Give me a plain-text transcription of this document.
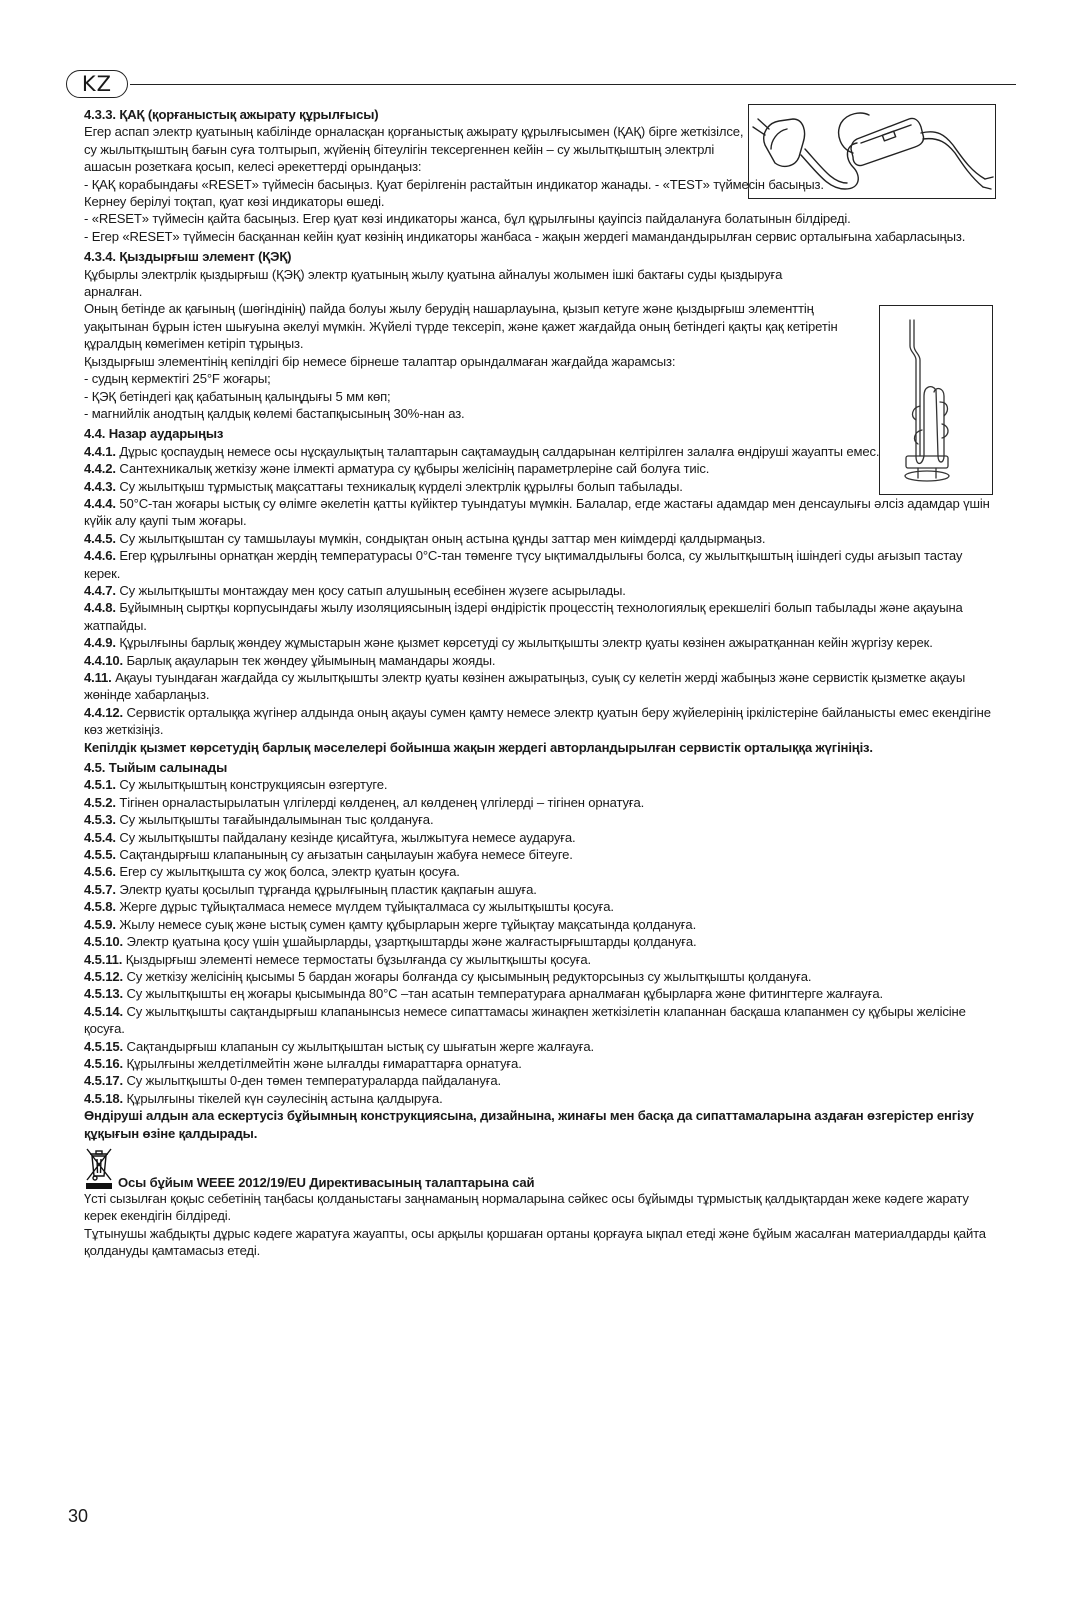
KZ
4.3.3. ҚАҚ (қорғаныстық ажырату құрылғысы)

Егер аспап электр қуатының кабілінде орналасқан қорғаныстық ажырату құрылғысымен (ҚАҚ) бірге жеткізілсе, су жылытқыштың бағын суға толтырып, жүйенің бітеулігін тексергеннен кейін – су жылытқыштың электрлі ашасын розеткаға қосып, келесі әрекеттерді орындаңыз:

- ҚАҚ корабындағы «RESET» түймесін басыңыз. Қуат берілгенін растайтын индикатор жанады. - «TEST» түймесін басыңыз. Кернеу берілуі тоқтап, қуат көзі индикаторы өшеді.

- «RESET» түймесін қайта басыңыз. Егер қуат көзі индикаторы жанса, бұл құрылғыны қауіпсіз пайдалануға болатынын білдіреді.

- Егер «RESET» түймесін басқаннан кейін қуат көзінің индикаторы жанбаса - жақын жердегі мамандандырылған сервис орталығына хабарласыңыз.

4.3.4. Қыздырғыш элемент (ҚЭҚ)

Құбырлы электрлік қыздырғыш (ҚЭҚ) электр қуатының жылу қуатына айналуы жолымен ішкі бактағы суды қыздыруға арналған.

Оның бетінде ак қағының (шөгіндінің) пайда болуы жылу берудің нашарлауына, қызып кетуге және қыздырғыш элементтің уақытынан бұрын істен шығуына әкелуі мүмкін. Жүйелі түрде тексеріп, және қажет жағдайда оның бетіндегі қақты қақ кетіретін құралдың көмегімен кетіріп тұрыңыз.

Қыздырғыш элементінің кепілдігі бір немесе бірнеше талаптар орындалмаған жағдайда жарамсыз:

- судың кермектігі 25°F жоғары;

- ҚЭҚ бетіндегі қақ қабатының қалыңдығы 5 мм көп;

- магнийлік анодтың қалдық көлемі бастапқысының 30%-нан аз.

4.4. Назар аударыңыз

4.4.1. Дұрыс қоспаудың немесе осы нұсқаулықтың талаптарын сақтамаудың салдарынан келтірілген залалға өндіруші жауапты емес.

4.4.2. Сантехникалық жеткізу және ілмекті арматура су құбыры желісінің параметрлеріне сай болуға тиіс.

4.4.3. Су жылытқыш тұрмыстық мақсаттағы техникалық күрделі электрлік құрылғы болып табылады.

4.4.4. 50°С-тан жоғары ыстық су өлімге әкелетін қатты күйіктер туындатуы мүмкін. Балалар, егде жастағы адамдар мен денсаулығы әлсіз адамдар үшін күйік алу қаупі тым жоғары.

4.4.5. Су жылытқыштан су тамшылауы мүмкін, сондықтан оның астына құнды заттар мен киімдерді қалдырмаңыз.

4.4.6. Егер құрылғыны орнатқан жердің температурасы 0°С-тан төменге түсу ықтималдылығы болса, су жылытқыштың ішіндегі суды ағызып тастау керек.

4.4.7. Су жылытқышты монтаждау мен қосу сатып алушының есебінен жүзеге асырылады.

4.4.8. Бұйымның сыртқы корпусындағы жылу изоляциясының іздері өндірістік процесстің технологиялық ерекшелігі болып табылады және ақауына жатпайды.

4.4.9. Құрылғыны барлық жөндеу жұмыстарын және қызмет көрсетуді су жылытқышты электр қуаты көзінен ажыратқаннан кейін жүргізу керек.

4.4.10. Барлық ақауларын тек жөндеу ұйымының мамандары жояды.

4.11. Ақауы туындаған жағдайда су жылытқышты электр қуаты көзінен ажыратыңыз, суық су келетін жерді жабыңыз және сервистік қызметке ақауы жөнінде хабарлаңыз.

4.4.12. Сервистік орталыққа жүгінер алдында оның ақауы сумен қамту немесе электр қуатын беру жүйелерінің іркілістеріне байланысты емес екендігіне көз жеткізіңіз.

Кепілдік қызмет көрсетудің барлық мәселелері бойынша жақын жердегі авторландырылған сервистік орталыққа жүгініңіз.

4.5. Тыйым салынады

4.5.1. Су жылытқыштың конструкциясын өзгертуге.

4.5.2. Тігінен орналастырылатын үлгілерді көлденең, ал көлденең үлгілерді – тігінен орнатуға.

4.5.3. Су жылытқышты тағайындалымынан тыс қолдануға.

4.5.4. Су жылытқышты пайдалану кезінде қисайтуға, жылжытуға немесе аударуға.

4.5.5. Сақтандырғыш клапанының су ағызатын саңылауын жабуға немесе бітеуге.

4.5.6. Егер су жылытқышта су жоқ болса, электр қуатын қосуға.

4.5.7. Электр қуаты қосылып тұрғанда құрылғының пластик қақпағын ашуға.

4.5.8. Жерге дұрыс тұйықталмаса немесе мүлдем тұйықталмаса су жылытқышты қосуға.

4.5.9. Жылу немесе суық және ыстық сумен қамту құбырларын жерге тұйықтау мақсатында қолдануға.

4.5.10. Электр қуатына қосу үшін ұшайырларды, ұзартқыштарды және жалғастырғыштарды қолдануға.

4.5.11. Қыздырғыш элементі немесе термостаты бұзылғанда су жылытқышты қосуға.

4.5.12. Су жеткізу желісінің қысымы 5 бардан жоғары болғанда су қысымының редукторсыныз су жылытқышты қолдануға.

4.5.13. Су жылытқышты ең жоғары қысымында 80°С –тан асатын температураға арналмаған құбырларға және фитингтерге жалғауға.

4.5.14. Су жылытқышты сақтандырғыш клапанынсыз немесе сипаттамасы жинақпен жеткізілетін клапаннан басқаша клапанмен су құбыры желісіне қосуға.

4.5.15. Сақтандырғыш клапанын су жылытқыштан ыстық су шығатын жерге жалғауға.

4.5.16. Құрылғыны желдетілмейтін және ылғалды ғимараттарға орнатуға.

4.5.17. Су жылытқышты 0-ден төмен температураларда пайдалануға.

4.5.18. Құрылғыны тікелей күн сәулесінің астына қалдыруға.

Өндіруші алдын ала ескертусіз бұйымның конструкциясына, дизайнына, жинағы мен басқа да сипаттамаларына аздаған өзгерістер енгізу құқығын өзіне қалдырады.

Осы бұйым WEEE 2012/19/EU Директивасының талаптарына сай

Үсті сызылған қоқыс себетінің таңбасы қолданыстағы заңнаманың нормаларына сәйкес осы бұйымды тұрмыстық қалдықтардан жеке кәдеге жарату керек екендігін білдіреді.

Тұтынушы жабдықты дұрыс кәдеге жаратуға жауапты, осы арқылы қоршаған ортаны қорғауға ықпал етеді және бұйым жасалған материалдарды қайта қолдануды қамтамасыз етеді.

30
